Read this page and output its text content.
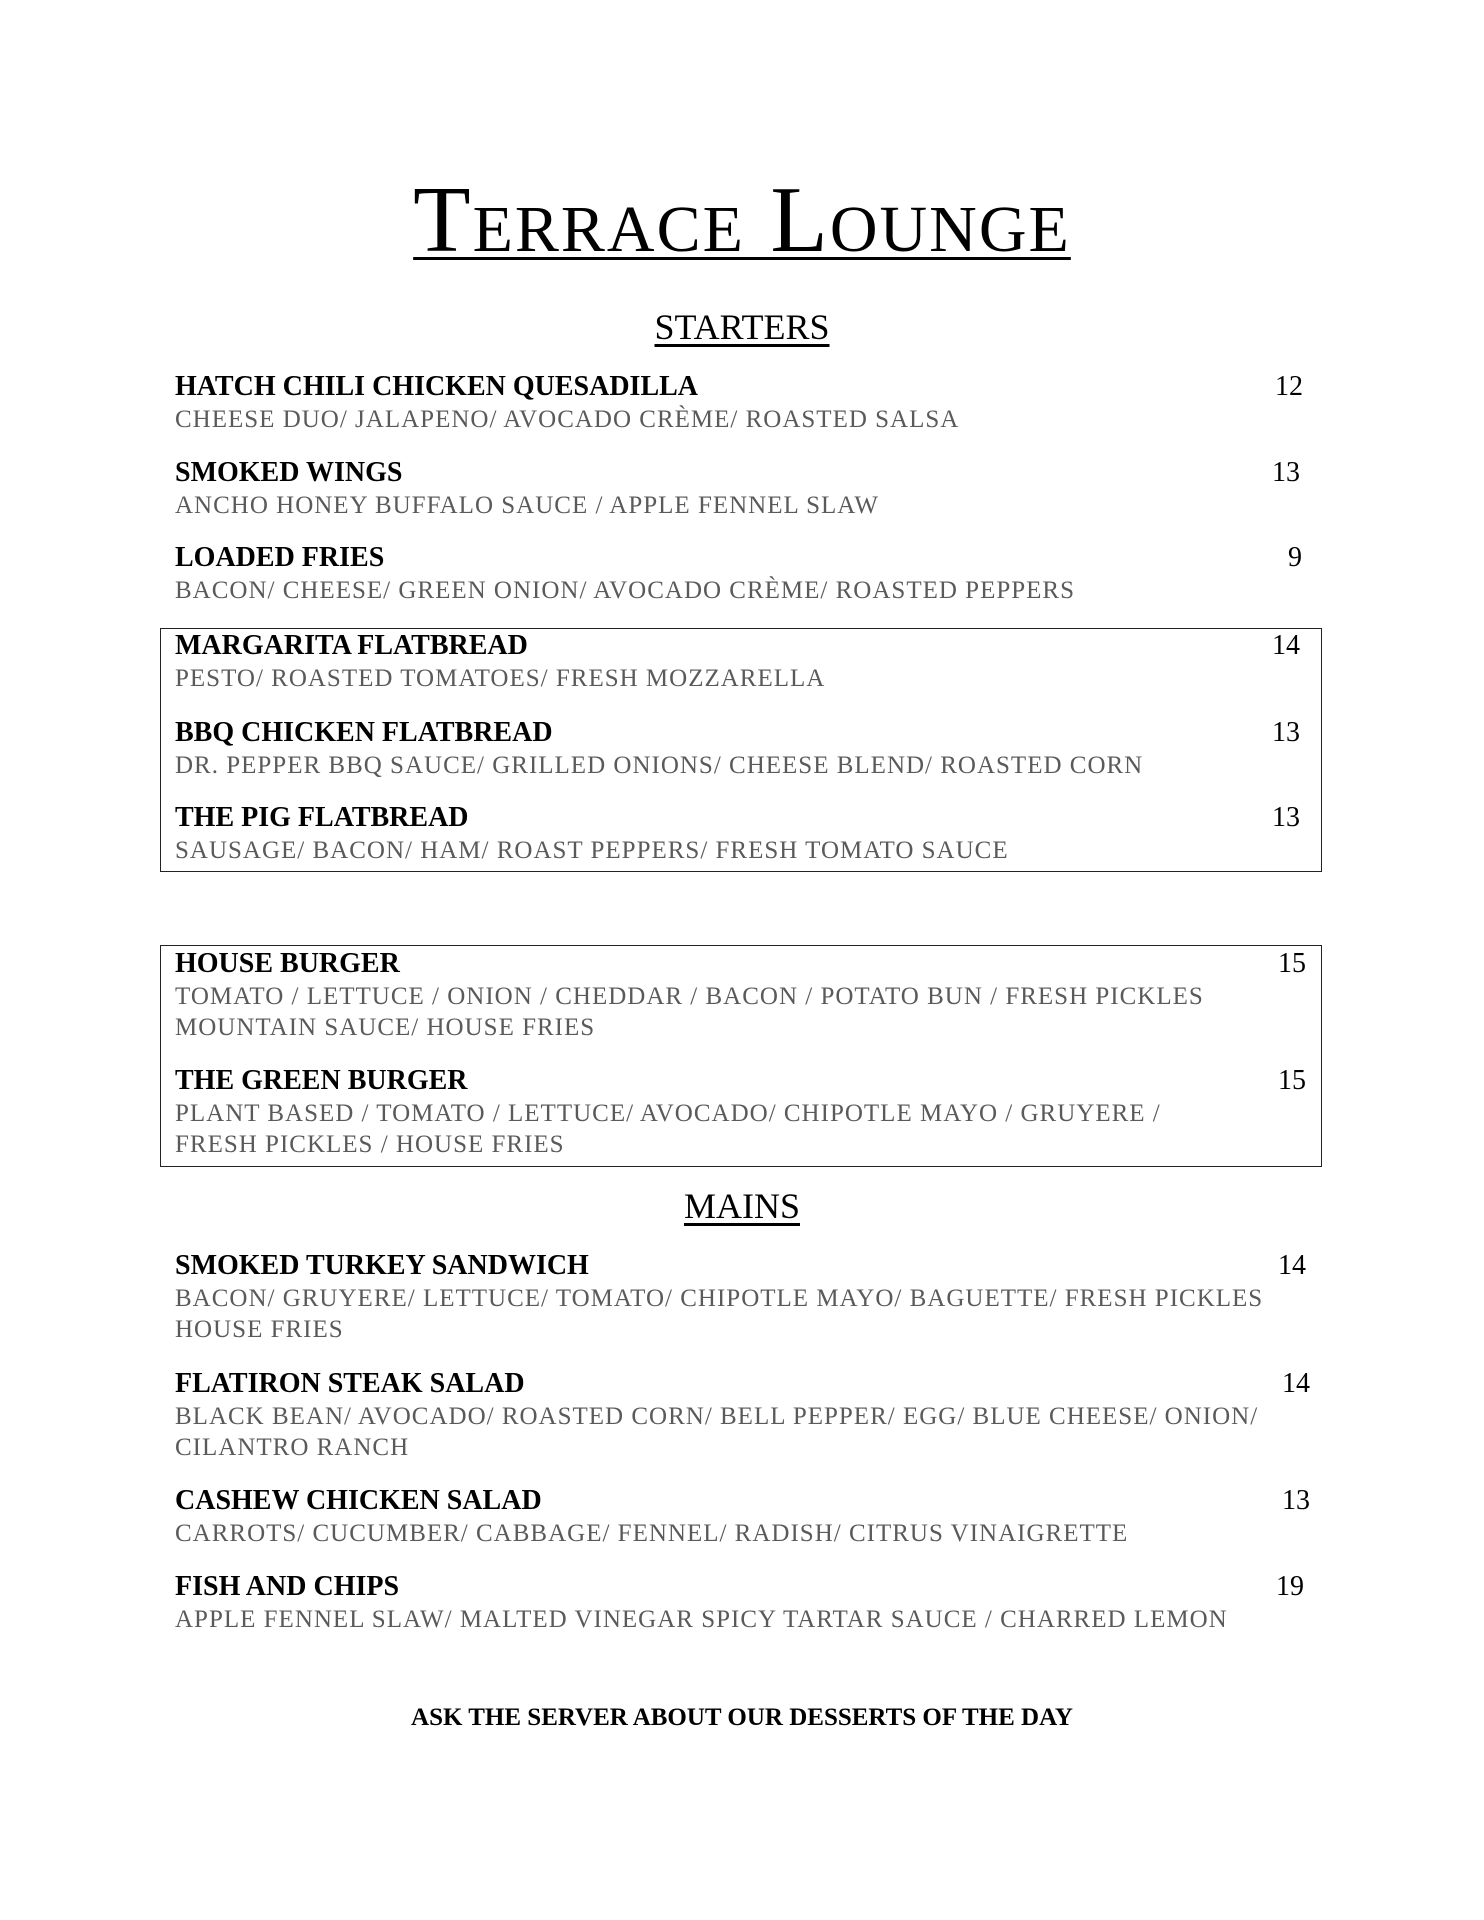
Terrace Lounge
STARTERS
HATCH CHILI CHICKEN QUESADILLA	12
CHEESE DUO/ JALAPENO/ AVOCADO CRÈME/ ROASTED SALSA
SMOKED WINGS	13
ANCHO HONEY BUFFALO SAUCE / APPLE FENNEL SLAW
LOADED FRIES	9
BACON/ CHEESE/ GREEN ONION/ AVOCADO CRÈME/ ROASTED PEPPERS
MARGARITA FLATBREAD	14
PESTO/ ROASTED TOMATOES/ FRESH MOZZARELLA
BBQ CHICKEN FLATBREAD	13
DR. PEPPER BBQ SAUCE/ GRILLED ONIONS/ CHEESE BLEND/ ROASTED CORN
THE PIG FLATBREAD	13
SAUSAGE/ BACON/ HAM/ ROAST PEPPERS/ FRESH TOMATO SAUCE
HOUSE BURGER	15
TOMATO / LETTUCE / ONION / CHEDDAR / BACON / POTATO BUN / FRESH PICKLES
MOUNTAIN SAUCE/ HOUSE FRIES
THE GREEN BURGER	15
PLANT BASED / TOMATO / LETTUCE/ AVOCADO/ CHIPOTLE MAYO / GRUYERE /
FRESH PICKLES / HOUSE FRIES
MAINS
SMOKED TURKEY SANDWICH	14
BACON/ GRUYERE/ LETTUCE/ TOMATO/ CHIPOTLE MAYO/ BAGUETTE/ FRESH PICKLES
HOUSE FRIES
FLATIRON STEAK SALAD	14
BLACK BEAN/ AVOCADO/ ROASTED CORN/ BELL PEPPER/ EGG/ BLUE CHEESE/ ONION/
CILANTRO RANCH
CASHEW CHICKEN SALAD	13
CARROTS/ CUCUMBER/ CABBAGE/ FENNEL/ RADISH/ CITRUS VINAIGRETTE
FISH AND CHIPS	19
APPLE FENNEL SLAW/ MALTED VINEGAR SPICY TARTAR SAUCE / CHARRED LEMON
ASK THE SERVER ABOUT OUR DESSERTS OF THE DAY
